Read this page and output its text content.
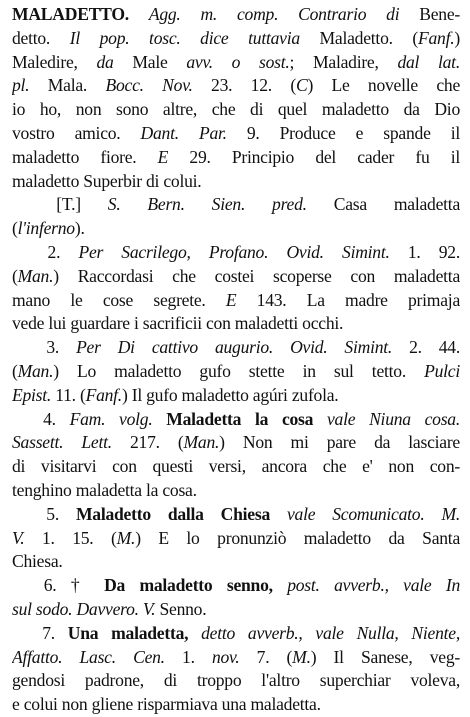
MALADETTO. Agg. m. comp. Contrario di Bene-
detto. Il pop. tosc. dice tuttavia Maladetto. (Fanf.)
Maledire, da Male avv. o sost.; Maladire, dal lat.
pl. Mala. Bocc. Nov. 23. 12. (C) Le novelle che
io ho, non sono altre, che di quel maladetto da Dio
vostro amico. Dant. Par. 9. Produce e spande il
maladetto fiore. E 29. Principio del cader fu il
maladetto Superbir di colui.
  [T.] S. Bern. Sien. pred. Casa maladetta
(l'inferno).
  2. Per Sacrilego, Profano. Ovid. Simint. 1. 92.
(Man.) Raccordasi che costei scoperse con maladetta
mano le cose segrete. E 143. La madre primaja
vede lui guardare i sacrificii con maladetti occhi.
  3. Per Di cattivo augurio. Ovid. Simint. 2. 44.
(Man.) Lo maladetto gufo stette in sul tetto. Pulci
Epist. 11. (Fanf.) Il gufo maladetto agúri zufola.
  4. Fam. volg. Maladetta la cosa vale Niuna cosa.
Sassett. Lett. 217. (Man.) Non mi pare da lasciare
di visitarvi con questi versi, ancora che e' non con-
tenghino maladetta la cosa.
  5. Maladetto dalla Chiesa vale Scomunicato. M.
V. 1. 15. (M.) E lo pronunziò maladetto da Santa
Chiesa.
  6. † Da maladetto senno, post. avverb., vale In
sul sodo. Davvero. V. Senno.
  7. Una maladetta, detto avverb., vale Nulla, Niente,
Affatto. Lasc. Cen. 1. nov. 7. (M.) Il Sanese, veg-
gendosi padrone, di troppo l'altro superchiar voleva,
e colui non gliene risparmiava una maladetta.
